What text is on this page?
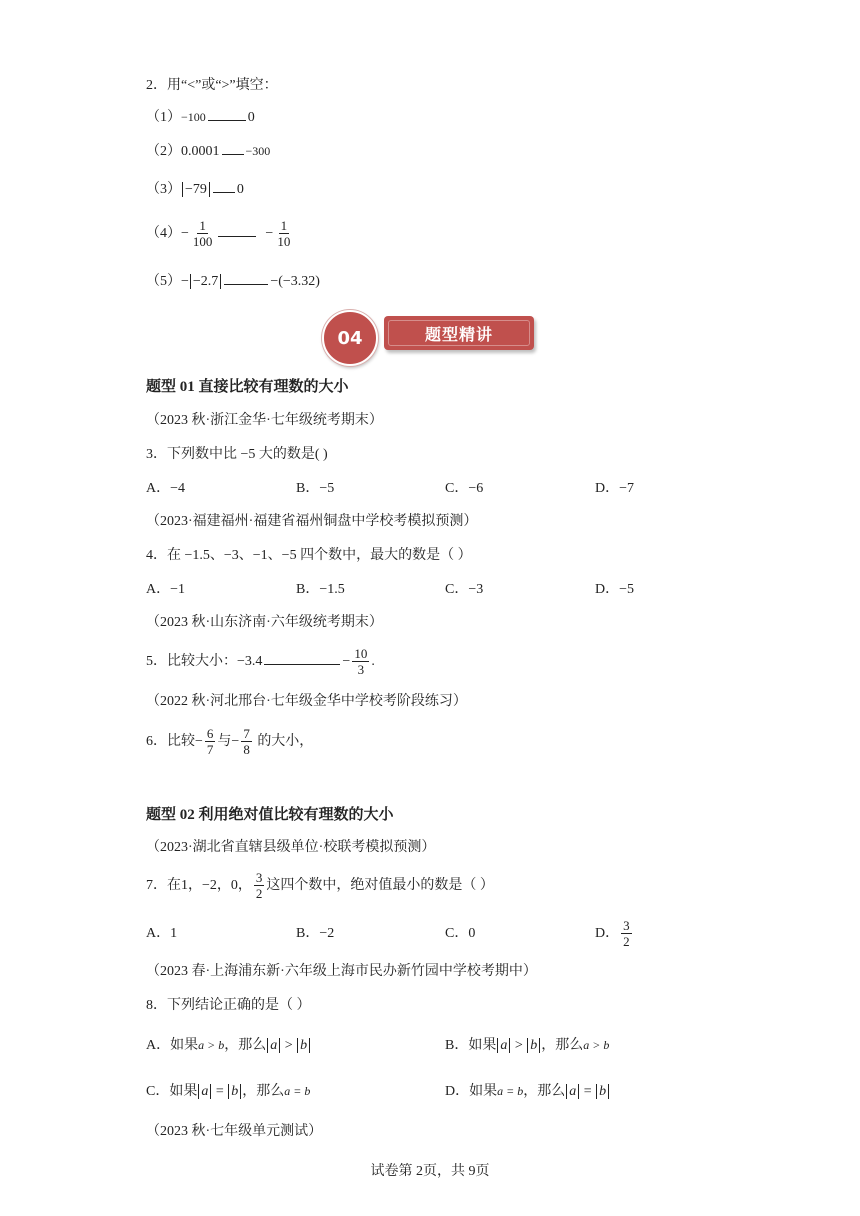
2．用“<”或“>”填空：
（1）−100	0
（2）0.0001 −300
（3） −79 0
$(4)- \frac{1}{100}$	− $\frac{1}{10}$
（5）− −2.7	−(−3.32)
04	题型精讲
题型 01 直接比较有理数的大小
（2023 秋·浙江金华·七年级统考期末）
3．下列数中比 −5 大的数是( )
A．−4	B．−5	C．−6	D．−7
（2023·福建福州·福建省福州铜盘中学校考模拟预测）
4．在 −1.5、−3、−1、−5 四个数中，最大的数是（ ）
A．−1	B．−1.5	C．−3	D．−5
（2023 秋·山东济南·六年级统考期末）
5．比较大小：−3.4	− $\frac{10}{3}$ .
（2022 秋·河北邢台·七年级金华中学校考阶段练习）
6．比较− $\frac{6}{7}$ 与− $\frac{7}{8}$ 的大小，
题型 02 利用绝对值比较有理数的大小
（2023·湖北省直辖县级单位·校联考模拟预测）
7．在1，−2，0， $\frac{3}{2}$ 这四个数中，绝对值最小的数是（ ）
A．1	B．−2	C．0	D． $\frac{3}{2}$
（2023 春·上海浦东新·六年级上海市民办新竹园中学校考期中）
8．下列结论正确的是（ ）
A．如果a > b，那么 a > b	B．如果 a > b ，那么a > b
C．如果 a = b ，那么a = b	D．如果a = b，那么 a = b
（2023 秋·七年级单元测试）
试卷第 2页，共 9页
